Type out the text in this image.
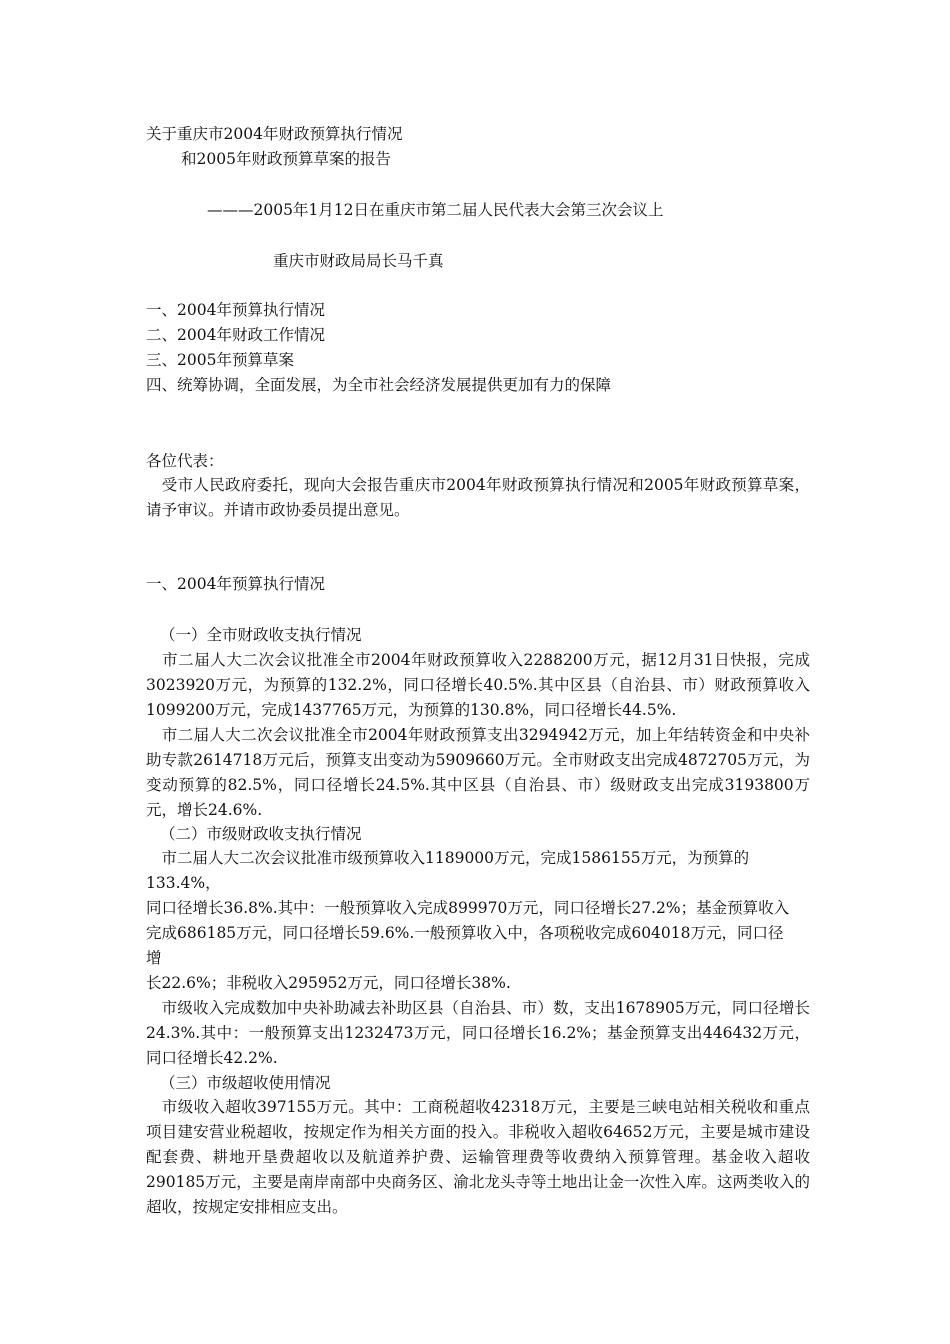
关于重庆市2004年财政预算执行情况
和2005年财政预算草案的报告
———2005年1月12日在重庆市第二届人民代表大会第三次会议上
重庆市财政局局长马千真
一、2004年预算执行情况
二、2004年财政工作情况
三、2005年预算草案
四、统筹协调，全面发展，为全市社会经济发展提供更加有力的保障
各位代表：
　受市人民政府委托，现向大会报告重庆市2004年财政预算执行情况和2005年财政预算草案，请予审议。并请市政协委员提出意见。
一、2004年预算执行情况
（一）全市财政收支执行情况
　市二届人大二次会议批准全市2004年财政预算收入2288200万元，据12月31日快报，完成3023920万元，为预算的132.2%，同口径增长40.5%.其中区县（自治县、市）财政预算收入1099200万元，完成1437765万元，为预算的130.8%，同口径增长44.5%.
　市二届人大二次会议批准全市2004年财政预算支出3294942万元，加上年结转资金和中央补助专款2614718万元后，预算支出变动为5909660万元。全市财政支出完成4872705万元，为变动预算的82.5%，同口径增长24.5%.其中区县（自治县、市）级财政支出完成3193800万元，增长24.6%.
（二）市级财政收支执行情况
　市二届人大二次会议批准市级预算收入1189000万元，完成1586155万元，为预算的
133.4%，
同口径增长36.8%.其中：一般预算收入完成899970万元，同口径增长27.2%；基金预算收入
完成686185万元，同口径增长59.6%.一般预算收入中，各项税收完成604018万元，同口径
增
长22.6%；非税收入295952万元，同口径增长38%.
　市级收入完成数加中央补助减去补助区县（自治县、市）数，支出1678905万元，同口径增长24.3%.其中：一般预算支出1232473万元，同口径增长16.2%；基金预算支出446432万元，同口径增长42.2%.
（三）市级超收使用情况
　市级收入超收397155万元。其中：工商税超收42318万元，主要是三峡电站相关税收和重点项目建安营业税超收，按规定作为相关方面的投入。非税收入超收64652万元，主要是城市建设配套费、耕地开垦费超收以及航道养护费、运输管理费等收费纳入预算管理。基金收入超收290185万元，主要是南岸南部中央商务区、渝北龙头寺等土地出让金一次性入库。这两类收入的超收，按规定安排相应支出。
